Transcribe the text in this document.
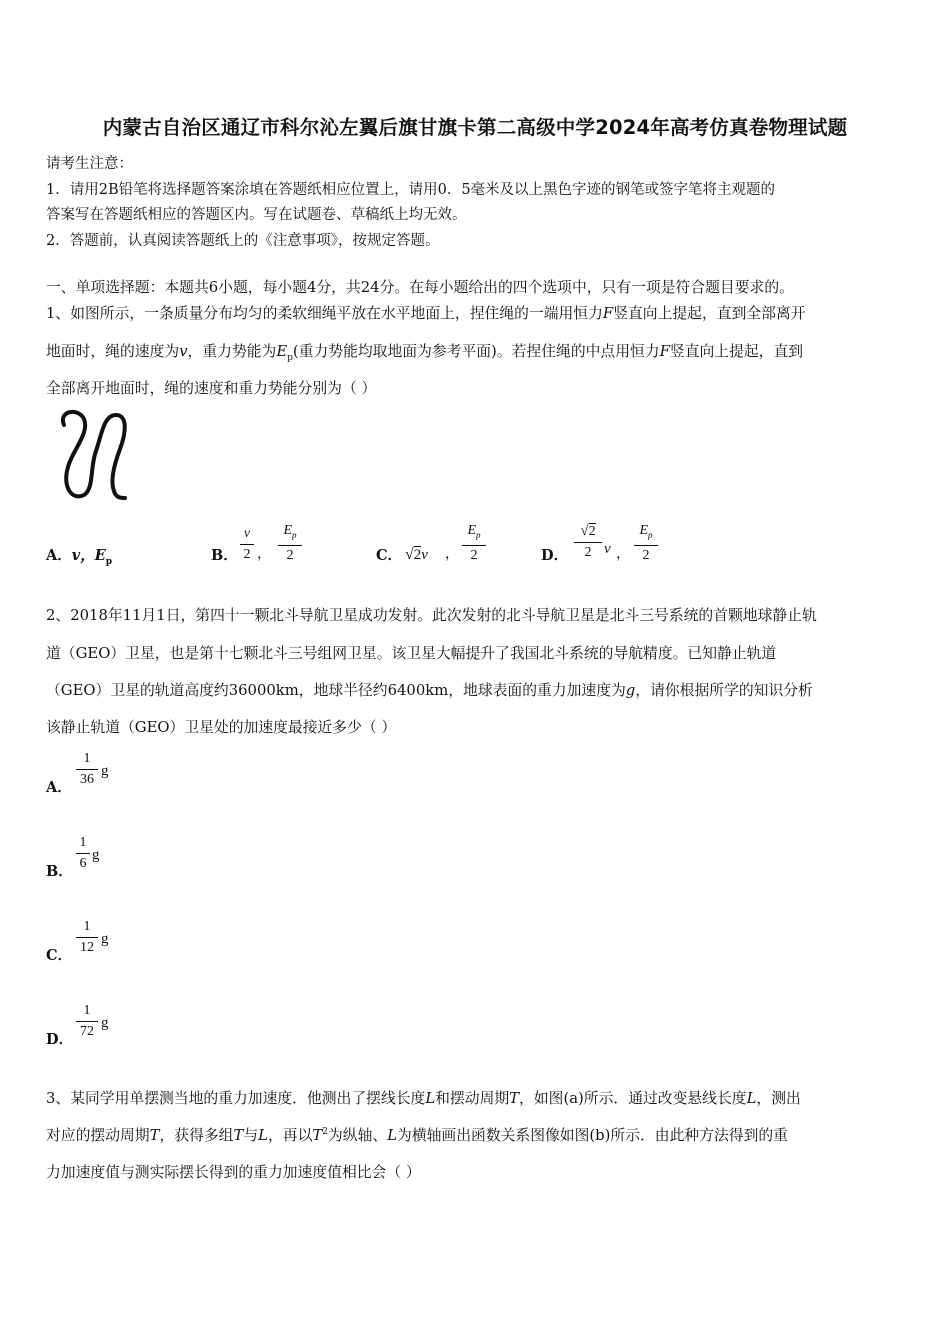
内蒙古自治区通辽市科尔沁左翼后旗甘旗卡第二高级中学2024年高考仿真卷物理试题
请考生注意：
1．请用2B铅笔将选择题答案涂填在答题纸相应位置上，请用0．5毫米及以上黑色字迹的钢笔或签字笔将主观题的
答案写在答题纸相应的答题区内。写在试题卷、草稿纸上均无效。
2．答题前，认真阅读答题纸上的《注意事项》，按规定答题。
一、单项选择题：本题共6小题，每小题4分，共24分。在每小题给出的四个选项中，只有一项是符合题目要求的。
1、如图所示，一条质量分布均匀的柔软细绳平放在水平地面上，捏住绳的一端用恒力F竖直向上提起，直到全部离开
地面时，绳的速度为v，重力势能为$E_p$(重力势能均取地面为参考平面)。若捏住绳的中点用恒力F竖直向上提起，直到
全部离开地面时，绳的速度和重力势能分别为（ ）
A．v，$E_p$	B．
v
2 ，
$E_p$
2	C． √2v ，
$E_p$
2	D．
√2
2 v ，
$E_p$
2
2、2018年11月1日，第四十一颗北斗导航卫星成功发射。此次发射的北斗导航卫星是北斗三号系统的首颗地球静止轨
道（GEO）卫星，也是第十七颗北斗三号组网卫星。该卫星大幅提升了我国北斗系统的导航精度。已知静止轨道
（GEO）卫星的轨道高度约36000km，地球半径约6400km，地球表面的重力加速度为g，请你根据所学的知识分析
该静止轨道（GEO）卫星处的加速度最接近多少（ ）
A．
1
36
g
B．
1
6
g
C．
1
12
g
D．
1
72
g
3、某同学用单摆测当地的重力加速度．他测出了摆线长度L和摆动周期T，如图(a)所示．通过改变悬线长度L，测出
对应的摆动周期T，获得多组T与L，再以$T^2$为纵轴、L为横轴画出函数关系图像如图(b)所示．由此种方法得到的重
力加速度值与测实际摆长得到的重力加速度值相比会（ ）
